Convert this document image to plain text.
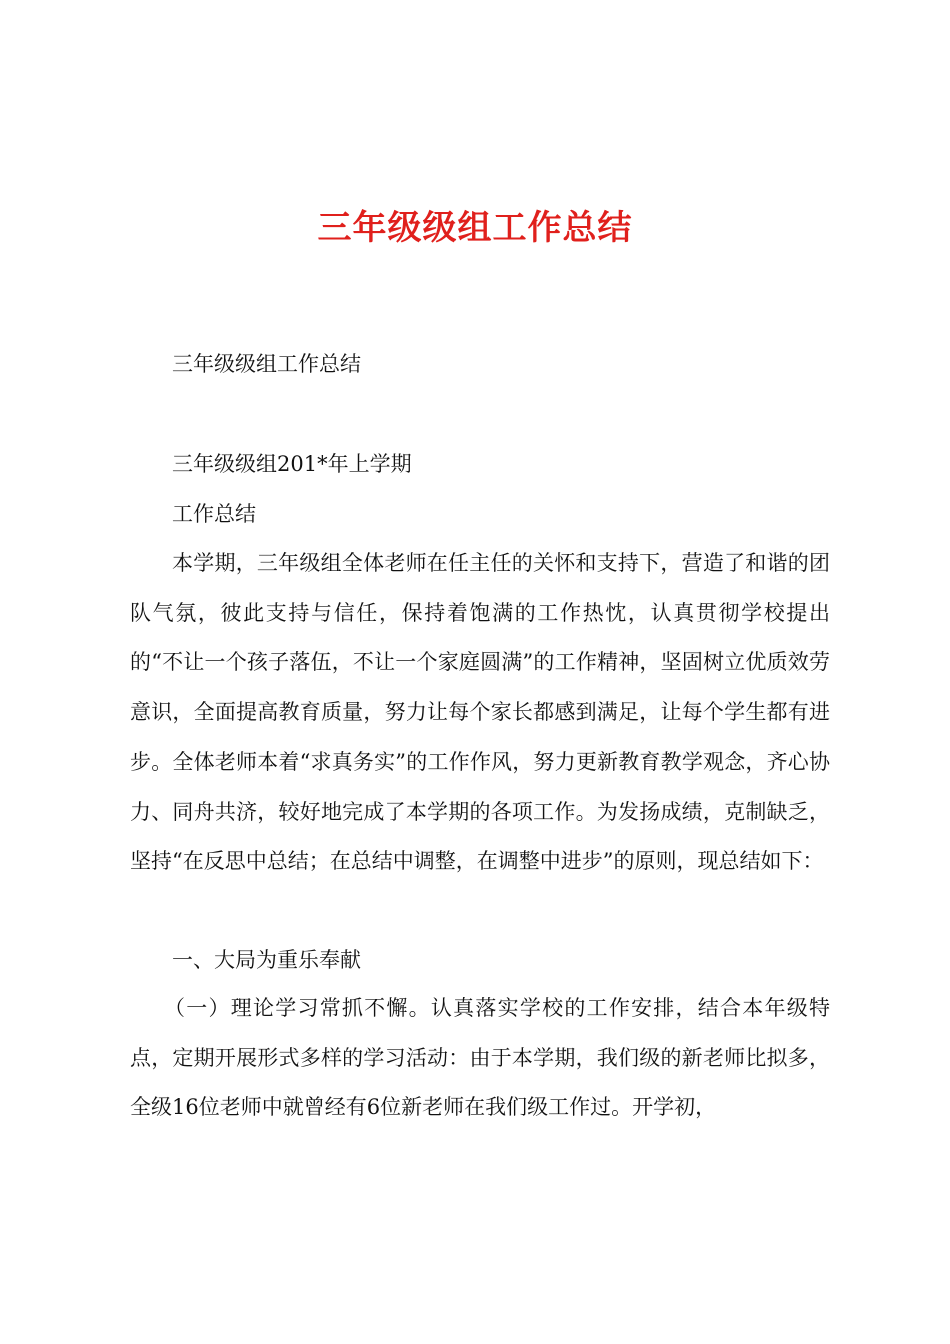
三年级级组工作总结

三年级级组工作总结

三年级级组201*年上学期

工作总结

本学期，三年级组全体老师在任主任的关怀和支持下，营造了和谐的团队气氛，彼此支持与信任，保持着饱满的工作热忱，认真贯彻学校提出的“不让一个孩子落伍，不让一个家庭圆满”的工作精神，坚固树立优质效劳意识，全面提高教育质量，努力让每个家长都感到满足，让每个学生都有进步。全体老师本着“求真务实”的工作作风，努力更新教育教学观念，齐心协力、同舟共济，较好地完成了本学期的各项工作。为发扬成绩，克制缺乏，坚持“在反思中总结；在总结中调整，在调整中进步”的原则，现总结如下：

一、大局为重乐奉献

（一）理论学习常抓不懈。认真落实学校的工作安排，结合本年级特点，定期开展形式多样的学习活动：由于本学期，我们级的新老师比拟多，全级16位老师中就曾经有6位新老师在我们级工作过。开学初，
